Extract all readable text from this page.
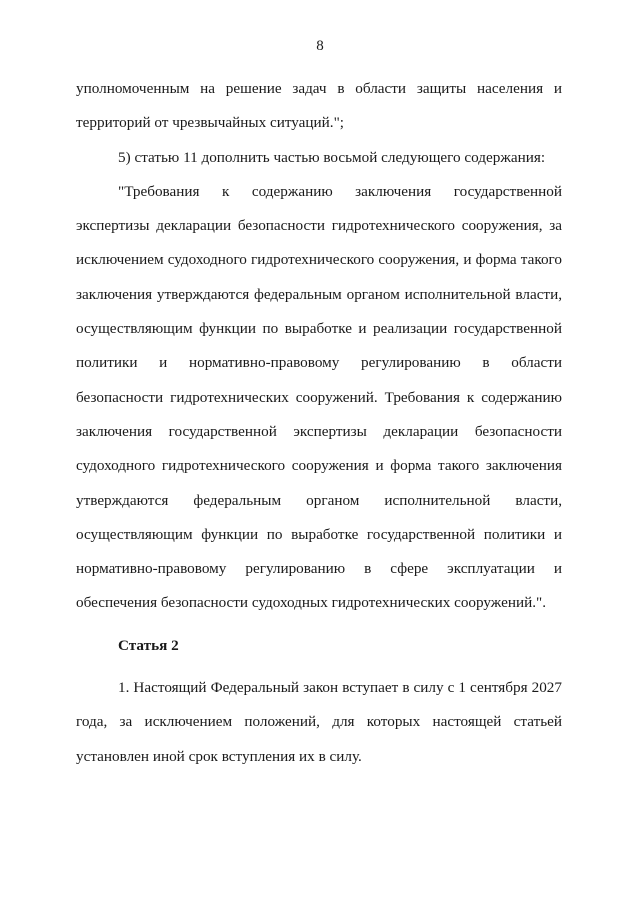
8

уполномоченным на решение задач в области защиты населения и территорий от чрезвычайных ситуаций.";

5) статью 11 дополнить частью восьмой следующего содержания:

"Требования к содержанию заключения государственной экспертизы декларации безопасности гидротехнического сооружения, за исключением судоходного гидротехнического сооружения, и форма такого заключения утверждаются федеральным органом исполнительной власти, осуществляющим функции по выработке и реализации государственной политики и нормативно-правовому регулированию в области безопасности гидротехнических сооружений. Требования к содержанию заключения государственной экспертизы декларации безопасности судоходного гидротехнического сооружения и форма такого заключения утверждаются федеральным органом исполнительной власти, осуществляющим функции по выработке государственной политики и нормативно-правовому регулированию в сфере эксплуатации и обеспечения безопасности судоходных гидротехнических сооружений.".

Статья 2

1. Настоящий Федеральный закон вступает в силу с 1 сентября 2027 года, за исключением положений, для которых настоящей статьей установлен иной срок вступления их в силу.
